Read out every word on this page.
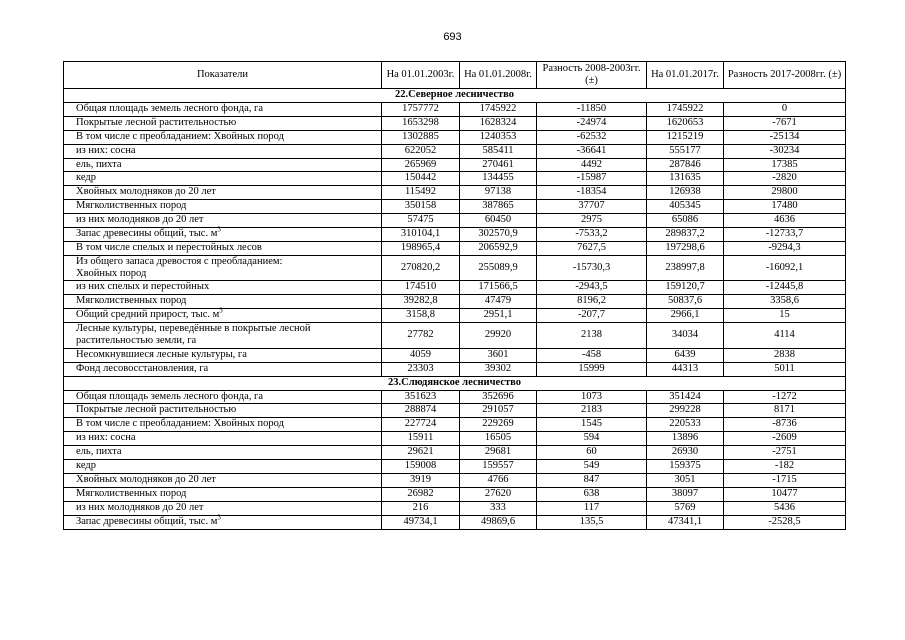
693
Показатели	На 01.01.2003г.	На 01.01.2008г.	Разность 2008-2003гг. (±)	На 01.01.2017г.	Разность 2017-2008гг. (±)
22.Северное лесничество					
Общая площадь земель лесного фонда, га	1757772	1745922	-11850	1745922	0
Покрытые лесной растительностью	1653298	1628324	-24974	1620653	-7671
В том числе с преобладанием: Хвойных пород	1302885	1240353	-62532	1215219	-25134
из них: сосна	622052	585411	-36641	555177	-30234
ель, пихта	265969	270461	4492	287846	17385
кедр	150442	134455	-15987	131635	-2820
Хвойных молодняков до 20 лет	115492	97138	-18354	126938	29800
Мягколиственных пород	350158	387865	37707	405345	17480
из них молодняков до 20 лет	57475	60450	2975	65086	4636
Запас древесины общий, тыс. $м^3$	310104,1	302570,9	-7533,2	289837,2	-12733,7
В том числе спелых и перестойных лесов	198965,4	206592,9	7627,5	197298,6	-9294,3
Из общего запаса древостоя с преобладанием:
Хвойных пород	270820,2	255089,9	-15730,3	238997,8	-16092,1
из них спелых и перестойных	174510	171566,5	-2943,5	159120,7	-12445,8
Мягколиственных пород	39282,8	47479	8196,2	50837,6	3358,6
Общий средний прирост, тыс. $м^3$	3158,8	2951,1	-207,7	2966,1	15
Лесные культуры, переведённые в покрытые лесной
растительностью земли, га	27782	29920	2138	34034	4114
Несомкнувшиеся лесные культуры, га	4059	3601	-458	6439	2838
Фонд лесовосстановления, га	23303	39302	15999	44313	5011
23.Слюдянское лесничество					
Общая площадь земель лесного фонда, га	351623	352696	1073	351424	-1272
Покрытые лесной растительностью	288874	291057	2183	299228	8171
В том числе с преобладанием: Хвойных пород	227724	229269	1545	220533	-8736
из них: сосна	15911	16505	594	13896	-2609
ель, пихта	29621	29681	60	26930	-2751
кедр	159008	159557	549	159375	-182
Хвойных молодняков до 20 лет	3919	4766	847	3051	-1715
Мягколиственных пород	26982	27620	638	38097	10477
из них молодняков до 20 лет	216	333	117	5769	5436
Запас древесины общий, тыс. $м^3$	49734,1	49869,6	135,5	47341,1	-2528,5
